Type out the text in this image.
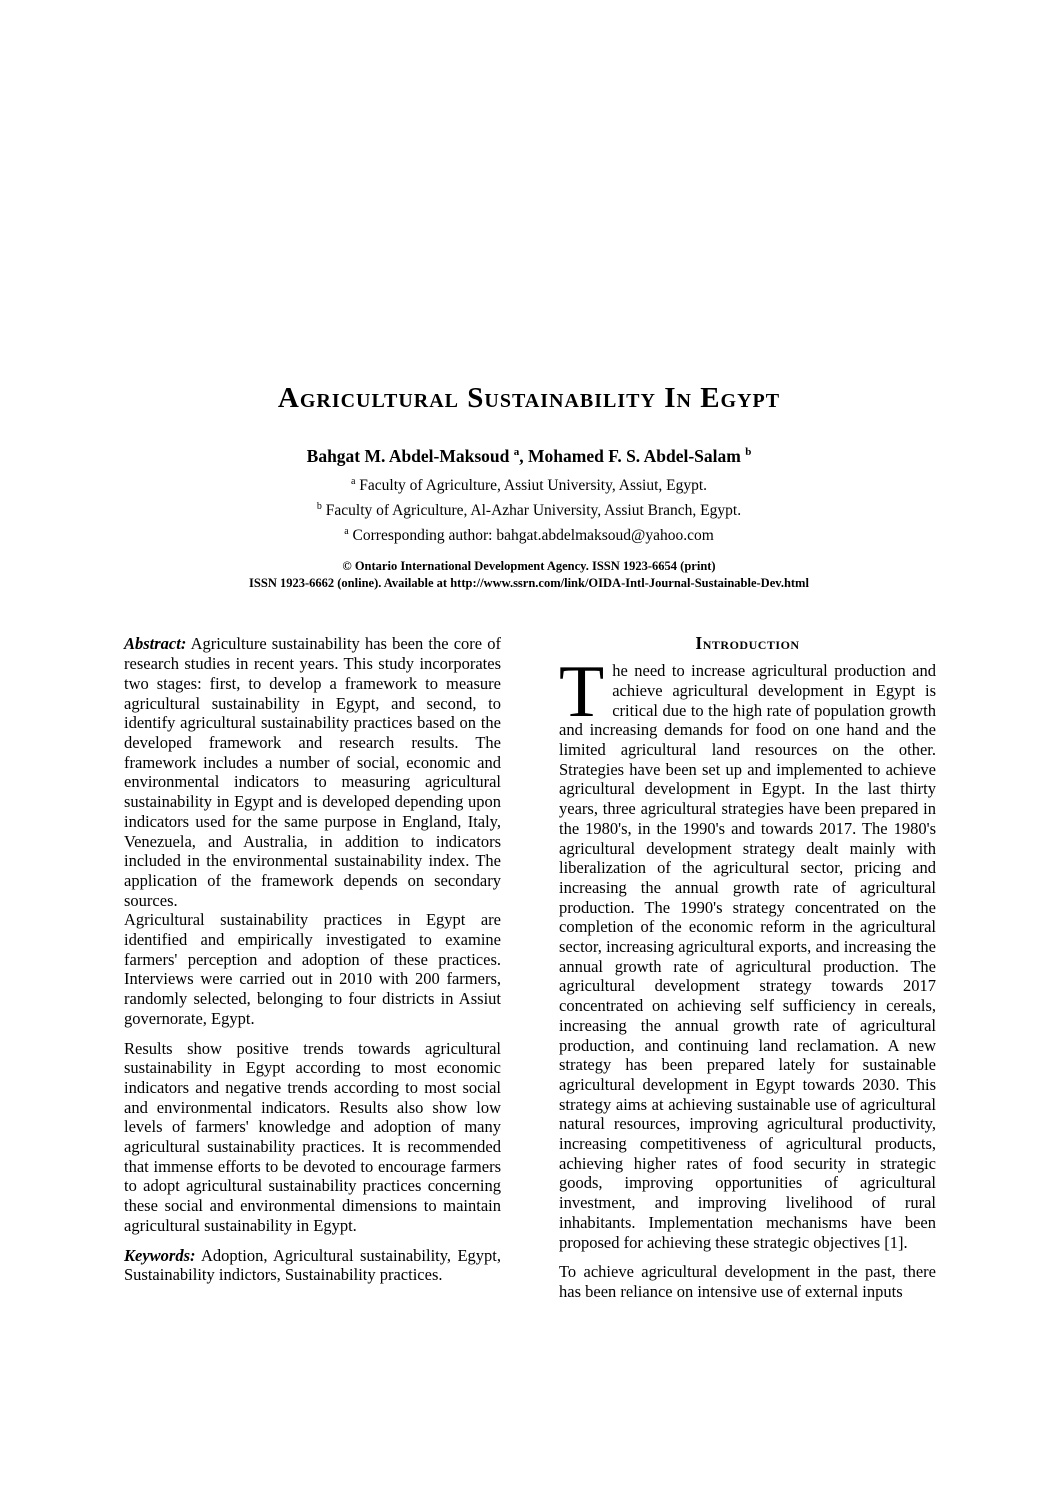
Agricultural Sustainability In Egypt
Bahgat M. Abdel-Maksoud $^a$, Mohamed F. S. Abdel-Salam $^b$
$^a$ Faculty of Agriculture, Assiut University, Assiut, Egypt.
$^b$ Faculty of Agriculture, Al-Azhar University, Assiut Branch, Egypt.
$^a$ Corresponding author: bahgat.abdelmaksoud@yahoo.com
© Ontario International Development Agency. ISSN 1923-6654 (print)
ISSN 1923-6662 (online). Available at http://www.ssrn.com/link/OIDA-Intl-Journal-Sustainable-Dev.html

Abstract: Agriculture sustainability has been the core of research studies in recent years. This study incorporates two stages: first, to develop a framework to measure agricultural sustainability in Egypt, and second, to identify agricultural sustainability practices based on the developed framework and research results. The framework includes a number of social, economic and environmental indicators to measuring agricultural sustainability in Egypt and is developed depending upon indicators used for the same purpose in England, Italy, Venezuela, and Australia, in addition to indicators included in the environmental sustainability index. The application of the framework depends on secondary sources.

Agricultural sustainability practices in Egypt are identified and empirically investigated to examine farmers' perception and adoption of these practices. Interviews were carried out in 2010 with 200 farmers, randomly selected, belonging to four districts in Assiut governorate, Egypt.

Results show positive trends towards agricultural sustainability in Egypt according to most economic indicators and negative trends according to most social and environmental indicators. Results also show low levels of farmers' knowledge and adoption of many agricultural sustainability practices. It is recommended that immense efforts to be devoted to encourage farmers to adopt agricultural sustainability practices concerning these social and environmental dimensions to maintain agricultural sustainability in Egypt.

Keywords: Adoption, Agricultural sustainability, Egypt, Sustainability indictors, Sustainability practices.

Introduction

The need to increase agricultural production and achieve agricultural development in Egypt is critical due to the high rate of population growth and increasing demands for food on one hand and the limited agricultural land resources on the other. Strategies have been set up and implemented to achieve agricultural development in Egypt. In the last thirty years, three agricultural strategies have been prepared in the 1980's, in the 1990's and towards 2017. The 1980's agricultural development strategy dealt mainly with liberalization of the agricultural sector, pricing and increasing the annual growth rate of agricultural production. The 1990's strategy concentrated on the completion of the economic reform in the agricultural sector, increasing agricultural exports, and increasing the annual growth rate of agricultural production. The agricultural development strategy towards 2017 concentrated on achieving self sufficiency in cereals, increasing the annual growth rate of agricultural production, and continuing land reclamation. A new strategy has been prepared lately for sustainable agricultural development in Egypt towards 2030. This strategy aims at achieving sustainable use of agricultural natural resources, improving agricultural productivity, increasing competitiveness of agricultural products, achieving higher rates of food security in strategic goods, improving opportunities of agricultural investment, and improving livelihood of rural inhabitants. Implementation mechanisms have been proposed for achieving these strategic objectives [1].

To achieve agricultural development in the past, there has been reliance on intensive use of external inputs
